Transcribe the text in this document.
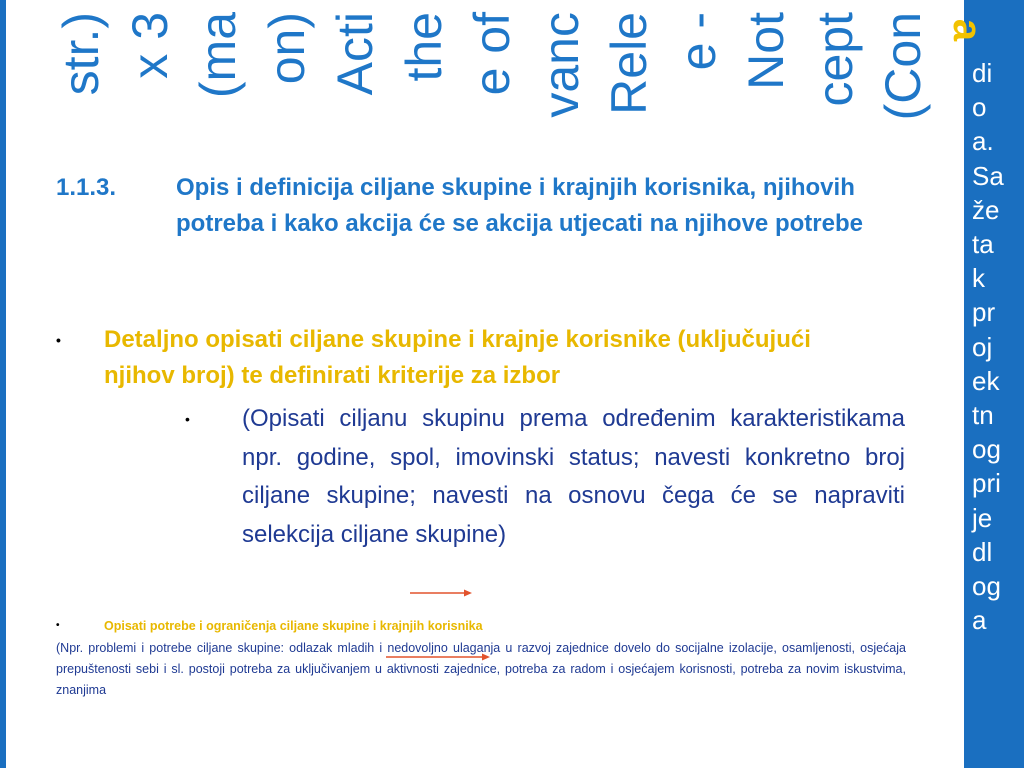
a
di
o
a.
Sa
že
ta
k
pr
oj
ek
tn
og
pri
je
dl
og
a
(Con
cept
Not
e -
Rele
vanc
e of
the
Acti
on)
(ma
x 3
str.)
1.1.3. Opis i definicija ciljane skupine i krajnjih korisnika, njihovih potreba i kako akcija će se akcija utjecati na njihove potrebe
• Detaljno opisati ciljane skupine i krajnje korisnike (uključujući njihov broj) te definirati kriterije za izbor
• (Opisati ciljanu skupinu prema određenim karakteristikama npr. godine, spol, imovinski status; navesti konkretno broj ciljane skupine; navesti na osnovu čega će se napraviti selekcija ciljane skupine)
•	Opisati potrebe i ograničenja ciljane skupine i krajnjih korisnika
(Npr. problemi i potrebe ciljane skupine: odlazak mladih i nedovoljno ulaganja u razvoj zajednice dovelo do socijalne izolacije, osamljenosti, osjećaja prepuštenosti sebi i sl. postoji potreba za uključivanjem u aktivnosti zajednice, potreba za radom i osjećajem korisnosti, potreba za novim iskustvima, znanjima
